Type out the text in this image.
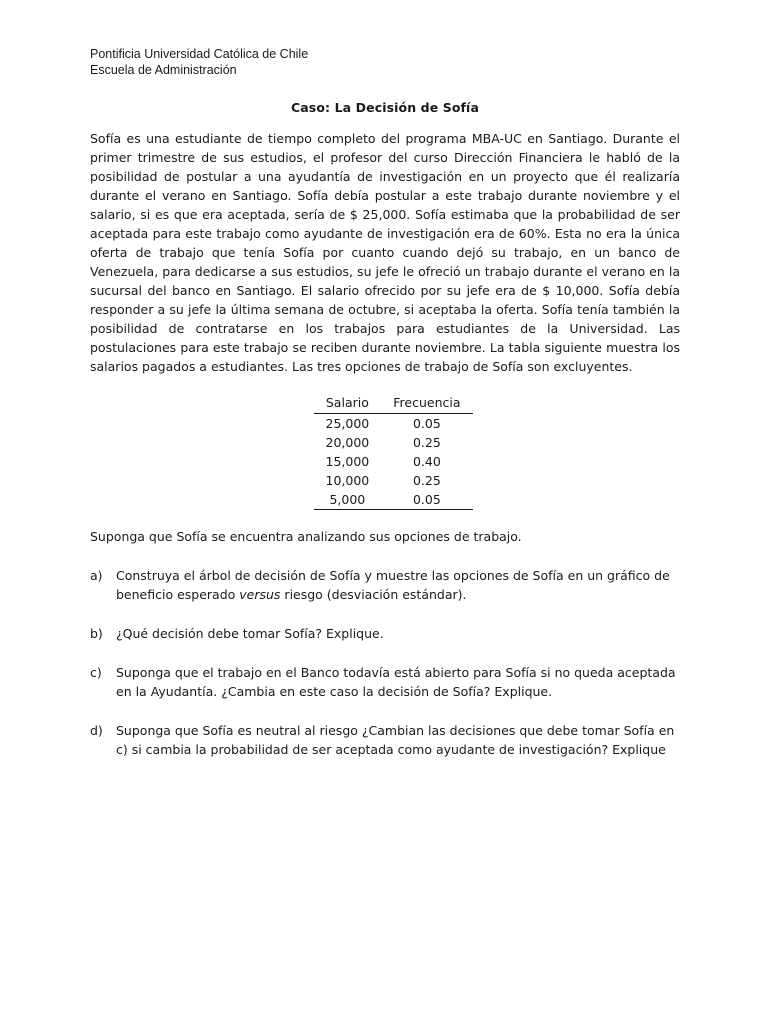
Pontificia Universidad Católica de Chile

Escuela de Administración

Caso: La Decisión de Sofía

Sofía es una estudiante de tiempo completo del programa MBA-UC en Santiago. Durante el primer trimestre de sus estudios, el profesor del curso Dirección Financiera le habló de la posibilidad de postular a una ayudantía de investigación en un proyecto que él realizaría durante el verano en Santiago. Sofía debía postular a este trabajo durante noviembre y el salario, si es que era aceptada, sería de $ 25,000. Sofía estimaba que la probabilidad de ser aceptada para este trabajo como ayudante de investigación era de 60%. Esta no era la única oferta de trabajo que tenía Sofía por cuanto cuando dejó su trabajo, en un banco de Venezuela, para dedicarse a sus estudios, su jefe le ofreció un trabajo durante el verano en la sucursal del banco en Santiago. El salario ofrecido por su jefe era de $ 10,000. Sofía debía responder a su jefe la última semana de octubre, si aceptaba la oferta. Sofía tenía también la posibilidad de contratarse en los trabajos para estudiantes de la Universidad. Las postulaciones para este trabajo se reciben durante noviembre. La tabla siguiente muestra los salarios pagados a estudiantes. Las tres opciones de trabajo de Sofía son excluyentes.

Salario	Frecuencia
25,000	0.05
20,000	0.25
15,000	0.40
10,000	0.25
5,000	0.05

Suponga que Sofía se encuentra analizando sus opciones de trabajo.

a)	Construya el árbol de decisión de Sofía y muestre las opciones de Sofía en un gráfico de beneficio esperado versus riesgo (desviación estándar).
b)	¿Qué decisión debe tomar Sofía? Explique.
c)	Suponga que el trabajo en el Banco todavía está abierto para Sofía si no queda aceptada en la Ayudantía. ¿Cambia en este caso la decisión de Sofía? Explique.
d)	Suponga que Sofía es neutral al riesgo ¿Cambian las decisiones que debe tomar Sofía en c) si cambia la probabilidad de ser aceptada como ayudante de investigación? Explique
